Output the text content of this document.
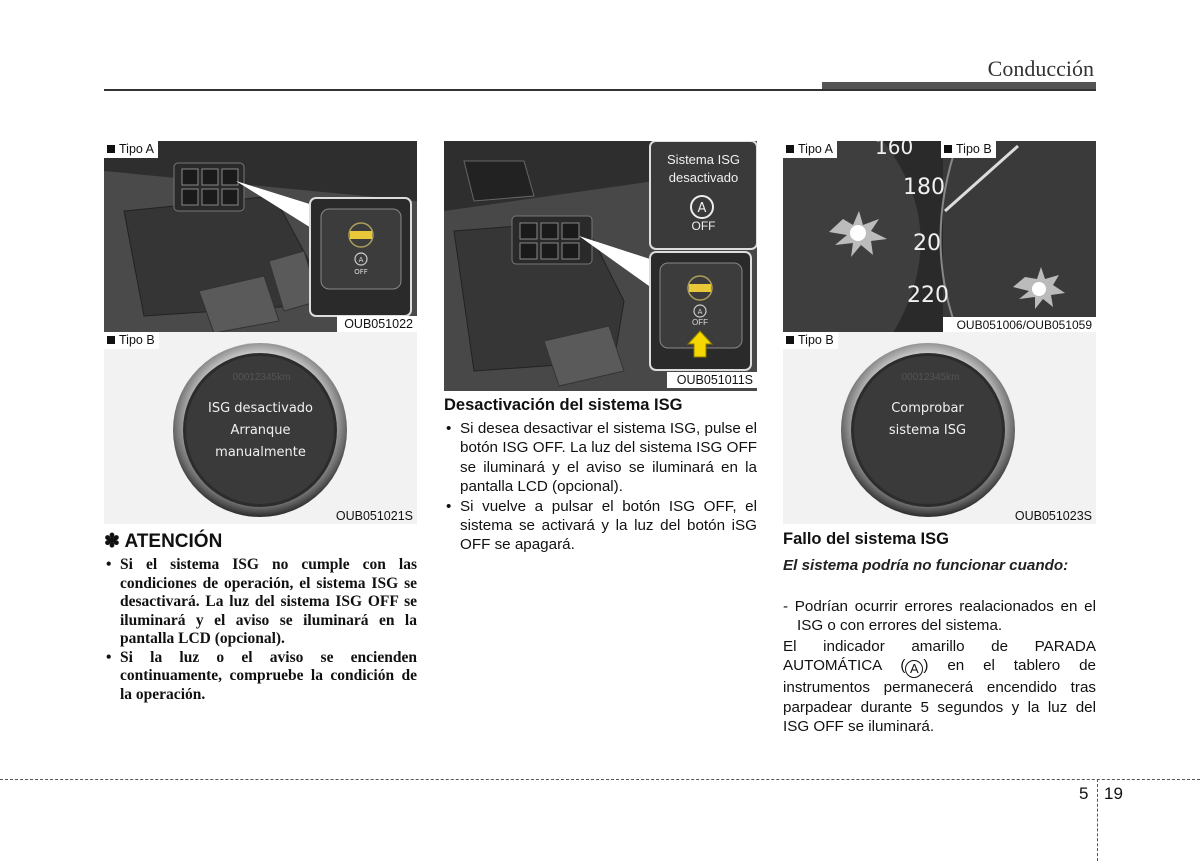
Conducción
A
OFF
Tipo A
OUB051022
00012345km
ISG desactivado
Arranque
manualmente
Tipo B
OUB051021S
A
A
Sistema ISG
desactivado
OFF
OFF
OUB051011S
160
180
20
220
Tipo A	Tipo B
OUB051006/OUB051059
00012345km
Comprobar
sistema ISG
Tipo B
OUB051023S
✽ ATENCIÓN
• Si el sistema ISG no cumple con las condiciones de operación, el sistema ISG se desactivará. La luz del sistema ISG OFF se iluminará y el aviso se iluminará en la pantalla LCD (opcional).
• Si la luz o el aviso se encienden continuamente, compruebe la condición de la operación.
Desactivación del sistema ISG
• Si desea desactivar el sistema ISG, pulse el botón ISG OFF. La luz del sistema ISG OFF se iluminará y el aviso se iluminará en la pantalla LCD (opcional).
• Si vuelve a pulsar el botón ISG OFF, el sistema se activará y la luz del botón iSG OFF se apagará.	Fallo del sistema ISG
El sistema podría no funcionar cuando:
- Podrían ocurrir errores realacionados en el ISG o con errores del sistema.
El indicador amarillo de PARADA AUTOMÁTICA ( A ) en el tablero de instrumentos permanecerá encendido tras parpadear durante 5 segundos y la luz del ISG OFF se iluminará.
5 19
